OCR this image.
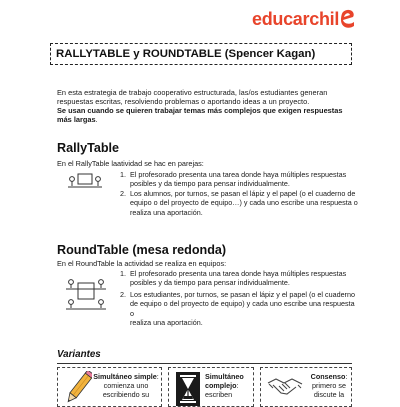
educarchil
RALLYTABLE y ROUNDTABLE (Spencer Kagan)
En esta estrategia de trabajo cooperativo estructurada, las/os estudiantes generan
respuestas escritas, resolviendo problemas o aportando ideas a un proyecto.
Se usan cuando se quieren trabajar temas más complejos que exigen respuestas
más largas.
RallyTable
En el RallyTable laatividad se hac en parejas:
1. El profesorado presenta una tarea donde haya múltiples respuestas
posibles y da tiempo para pensar individualmente.
2. Los alumnos, por turnos, se pasan el lápiz y el papel (o el cuaderno de
equipo o del proyecto de equipo…) y cada uno escribe una respuesta o
realiza una aportación.
RoundTable (mesa redonda)
En el RoundTable la actividad se realiza en equipos:
1. El profesorado presenta una tarea donde haya múltiples respuestas
posibles y da tiempo para pensar individualmente.
2. Los estudiantes, por turnos, se pasan el lápiz y el papel (o el cuaderno
de equipo o del proyecto de equipo) y cada uno escribe una respuesta o
realiza una aportación.
Variantes
Simultáneo simple:
comienza uno
escribiendo su
Simultáneo
complejo:
escriben
Consenso:
primero se
discute la
